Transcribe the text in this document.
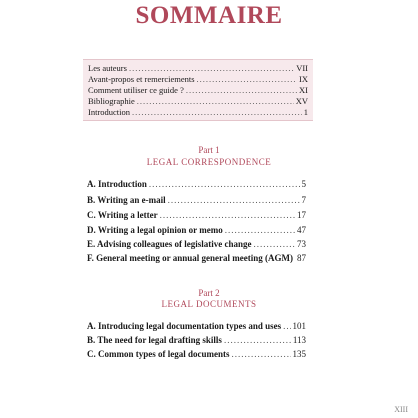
SOMMAIRE
Les auteurs .....	VII
Avant-propos et remerciements .....	IX
Comment utiliser ce guide ? .....	XI
Bibliographie .....	XV
Introduction .....	1
Part 1
LEGAL CORRESPONDENCE
A. Introduction .....	5
B. Writing an e-mail .....	7
C. Writing a letter .....	17
D. Writing a legal opinion or memo .....	47
E. Advising colleagues of legislative change .....	73
F. General meeting or annual general meeting (AGM) ..... 87
Part 2
LEGAL DOCUMENTS
A. Introducing legal documentation types and uses ..... 101
B. The need for legal drafting skills .....	113
C. Common types of legal documents .....	135
XIII
